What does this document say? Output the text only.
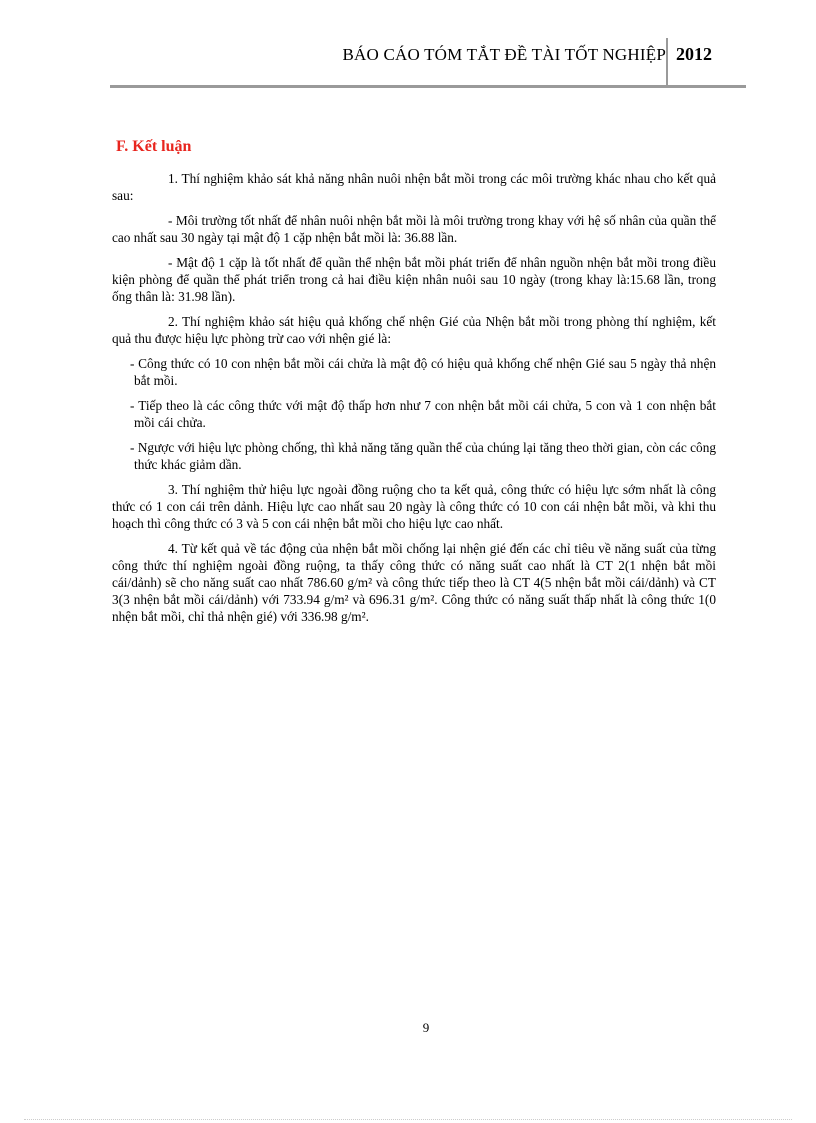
BÁO CÁO TÓM TẮT ĐỀ TÀI TỐT NGHIỆP 2012
F. Kết luận

1. Thí nghiệm khảo sát khả năng nhân nuôi nhện bắt mồi trong các môi trường khác nhau cho kết quả sau:

- Môi trường tốt nhất để nhân nuôi nhện bắt mồi là môi trường trong khay với hệ số nhân của quần thể cao nhất sau 30 ngày tại mật độ 1 cặp nhện bắt mồi là: 36.88 lần.

- Mật độ 1 cặp là tốt nhất để quần thể nhện bắt mồi phát triển để nhân nguồn nhện bắt mồi trong điều kiện phòng để quần thể phát triển trong cả hai điều kiện nhân nuôi sau 10 ngày (trong khay là:15.68 lần, trong ống thân là: 31.98 lần).

2. Thí nghiệm khảo sát hiệu quả khống chế nhện Gié của Nhện bắt mồi trong phòng thí nghiệm, kết quả thu được hiệu lực phòng trừ cao với nhện gié là:

- Công thức có 10 con nhện bắt mồi cái chửa là mật độ có hiệu quả khống chế nhện Gié sau 5 ngày thả nhện bắt mồi.

- Tiếp theo là các công thức với mật độ thấp hơn như 7 con nhện bắt mồi cái chửa, 5 con và 1 con nhện bắt mồi cái chửa.

- Ngược với hiệu lực phòng chống, thì khả năng tăng quần thể của chúng lại tăng theo thời gian, còn các công thức khác giảm dần.

3. Thí nghiệm thử hiệu lực ngoài đồng ruộng cho ta kết quả, công thức có hiệu lực sớm nhất là công thức có 1 con cái trên dảnh. Hiệu lực cao nhất sau 20 ngày là công thức có 10 con cái nhện bắt mồi, và khi thu hoạch thì công thức có 3 và 5 con cái nhện bắt mồi cho hiệu lực cao nhất.

4. Từ kết quả về tác động của nhện bắt mồi chống lại nhện gié đến các chỉ tiêu về năng suất của từng công thức thí nghiệm ngoài đồng ruộng, ta thấy công thức có năng suất cao nhất là CT 2(1 nhện bắt mồi cái/dảnh) sẽ cho năng suất cao nhất 786.60 g/m² và công thức tiếp theo là CT 4(5 nhện bắt mồi cái/dảnh) và CT 3(3 nhện bắt mồi cái/dảnh) với 733.94 g/m² và 696.31 g/m². Công thức có năng suất thấp nhất là công thức 1(0 nhện bắt mồi, chỉ thả nhện gié) với 336.98 g/m².

9
